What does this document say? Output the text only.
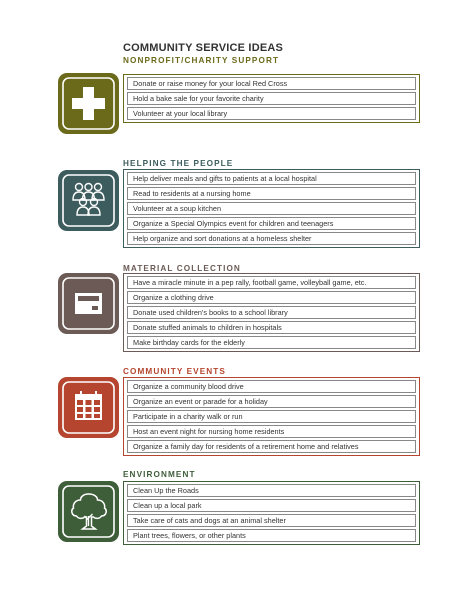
COMMUNITY SERVICE IDEAS
NONPROFIT/CHARITY SUPPORT
Donate or raise money for your local Red Cross
Hold a bake sale for your favorite charity
Volunteer at your local library
HELPING THE PEOPLE
Help deliver meals and gifts to patients at a local hospital
Read to residents at a nursing home
Volunteer at a soup kitchen
Organize a Special Olympics event for children and teenagers
Help organize and sort donations at a homeless shelter
MATERIAL COLLECTION
Have a miracle minute in a pep rally, football game, volleyball game, etc.
Organize a clothing drive
Donate used children's books to a school library
Donate stuffed animals to children in hospitals
Make birthday cards for the elderly
COMMUNITY EVENTS
Organize a community blood drive
Organize an event or parade for a holiday
Participate in a charity walk or run
Host an event night for nursing home residents
Organize a family day for residents of a retirement home and relatives
ENVIRONMENT
Clean Up the Roads
Clean up a local park
Take care of cats and dogs at an animal shelter
Plant trees, flowers, or other plants
